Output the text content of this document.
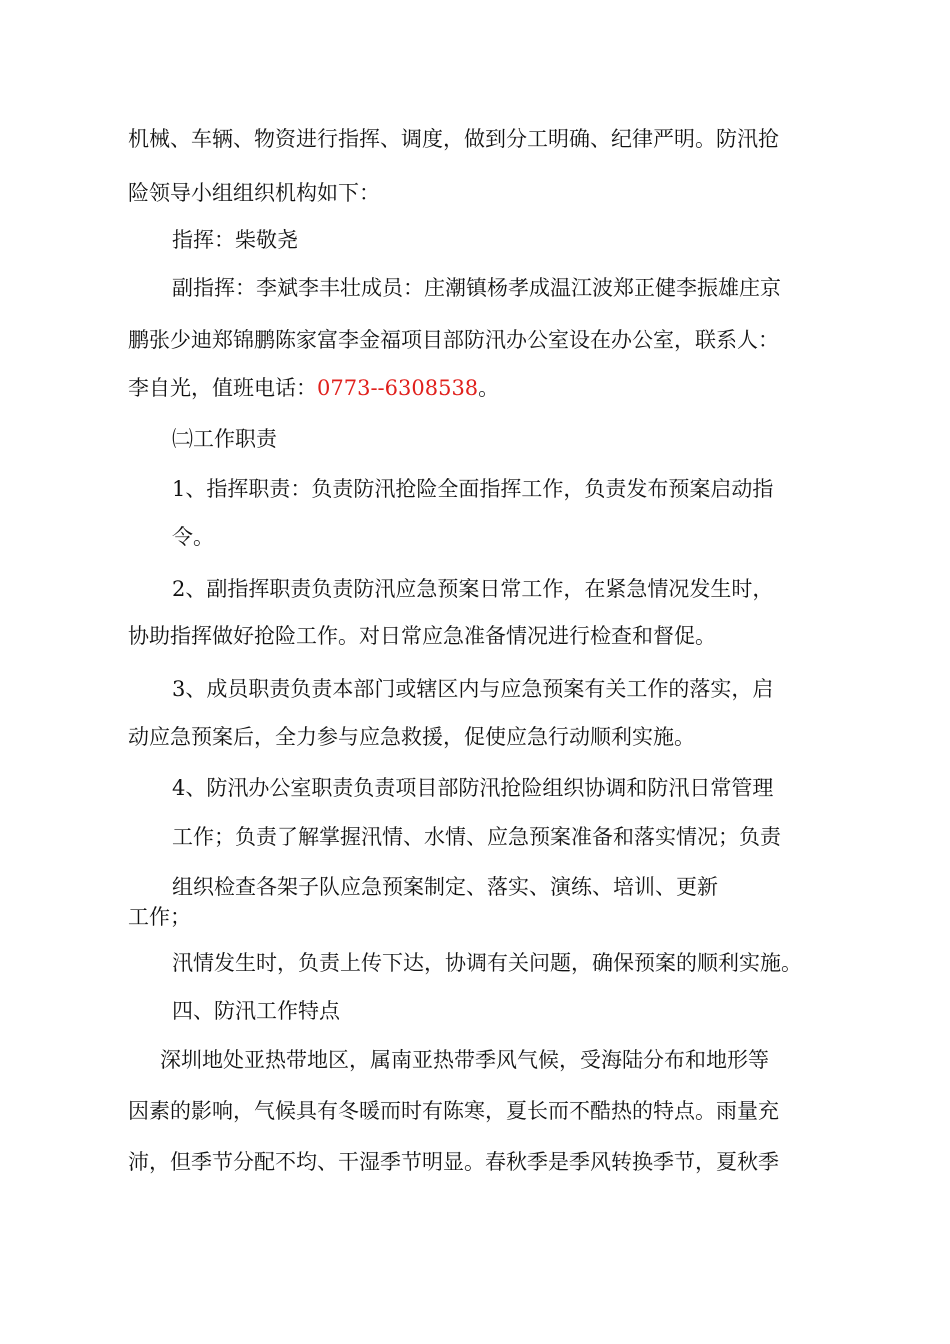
机械、车辆、物资进行指挥、调度，做到分工明确、纪律严明。防汛抢
险领导小组组织机构如下：
指挥：柴敬尧
副指挥：李斌李丰壮成员：庄潮镇杨孝成温江波郑正健李振雄庄京
鹏张少迪郑锦鹏陈家富李金福项目部防汛办公室设在办公室，联系人：
李自光，值班电话：0773--6308538。
㈡工作职责
1、指挥职责：负责防汛抢险全面指挥工作，负责发布预案启动指
令。
2、副指挥职责负责防汛应急预案日常工作，在紧急情况发生时，
协助指挥做好抢险工作。对日常应急准备情况进行检查和督促。
3、成员职责负责本部门或辖区内与应急预案有关工作的落实，启
动应急预案后，全力参与应急救援，促使应急行动顺利实施。
4、防汛办公室职责负责项目部防汛抢险组织协调和防汛日常管理
工作；负责了解掌握汛情、水情、应急预案准备和落实情况；负责
组织检查各架子队应急预案制定、落实、演练、培训、更新
工作；
汛情发生时，负责上传下达，协调有关问题，确保预案的顺利实施。
四、防汛工作特点
深圳地处亚热带地区，属南亚热带季风气候，受海陆分布和地形等
因素的影响，气候具有冬暖而时有陈寒，夏长而不酷热的特点。雨量充
沛，但季节分配不均、干湿季节明显。春秋季是季风转换季节，夏秋季
